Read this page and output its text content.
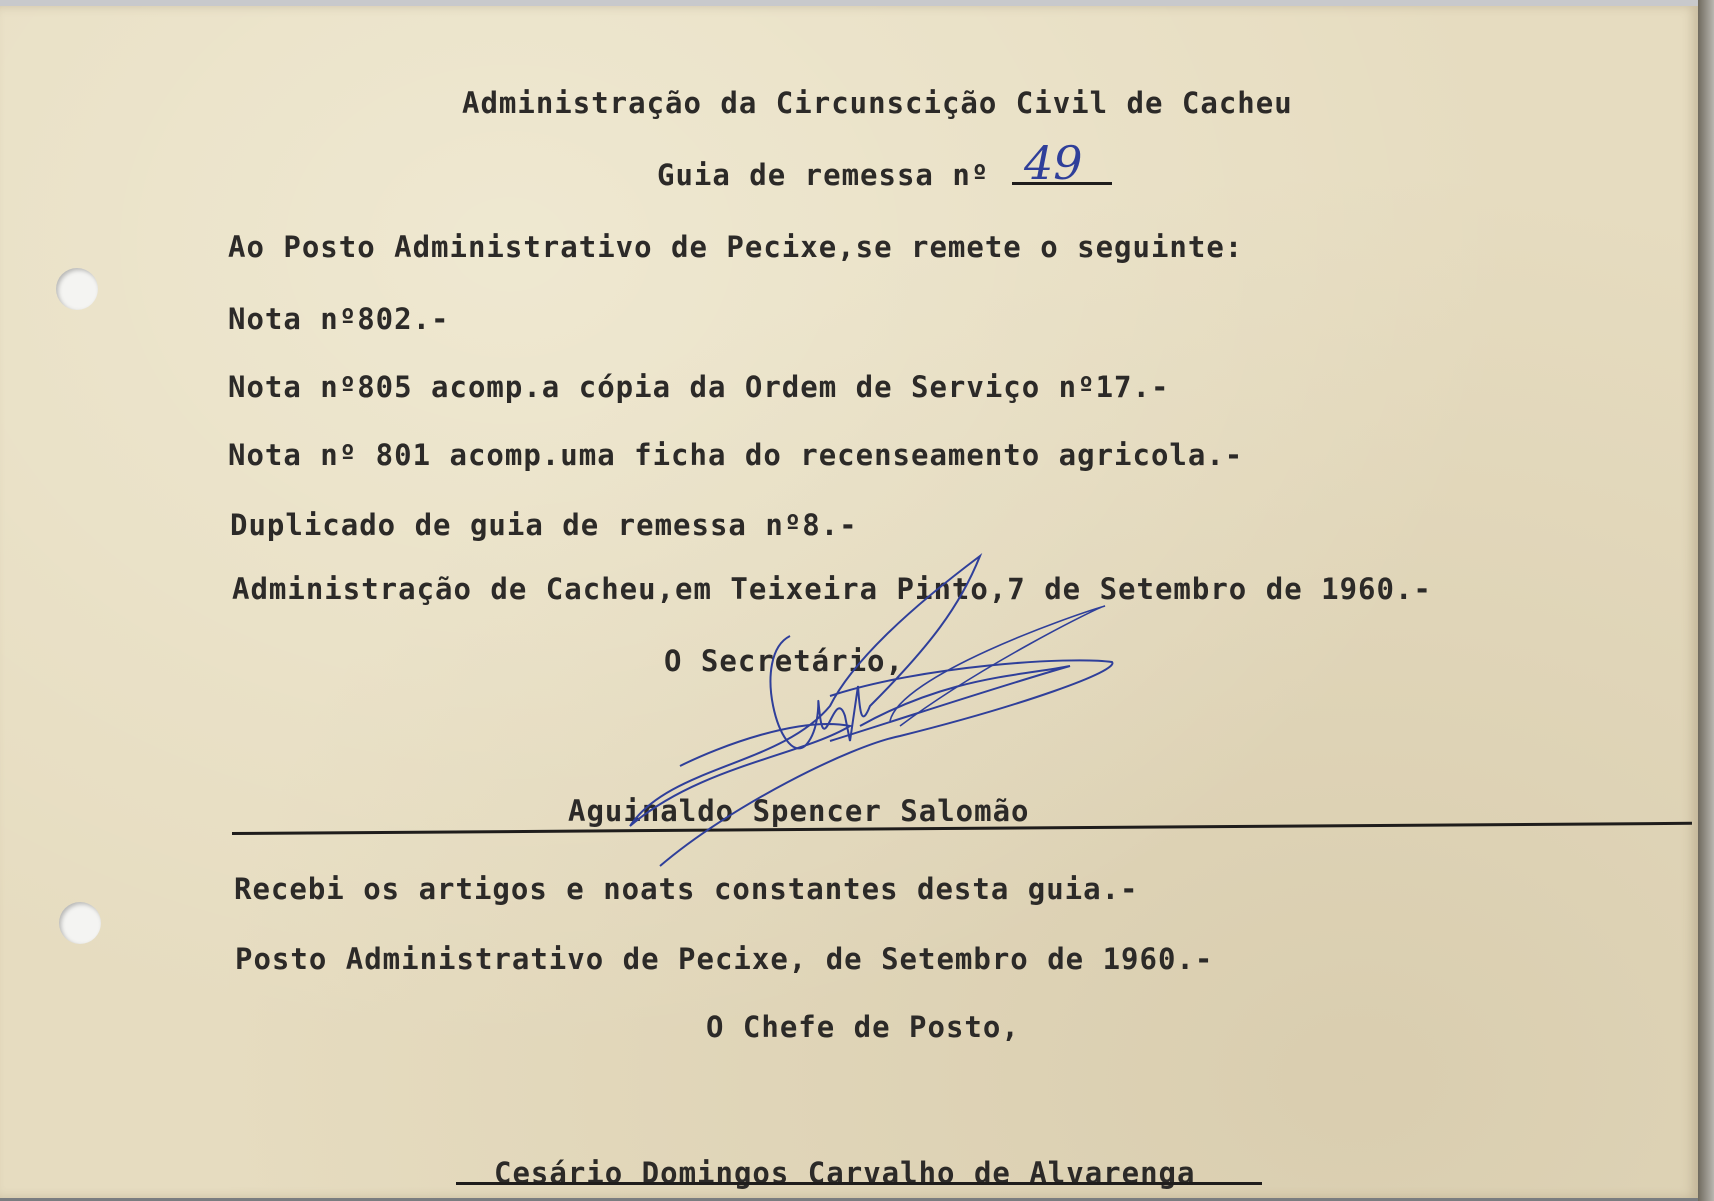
Administração da Circunscição Civil de Cacheu
Guia de remessa nº 49
Ao Posto Administrativo de Pecixe,se remete o seguinte:
Nota nº802.-
Nota nº805 acomp.a cópia da Ordem de Serviço nº17.-
Nota nº 801 acomp.uma ficha do recenseamento agricola.-
Duplicado de guia de remessa nº8.-
Administração de Cacheu,em Teixeira Pinto,7 de Setembro de 1960.-
O Secretário,
Aguinaldo Spencer Salomão
Recebi os artigos e noats constantes desta guia.-
Posto Administrativo de Pecixe, de Setembro de 1960.-
O Chefe de Posto,
Cesário Domingos Carvalho de Alvarenga
